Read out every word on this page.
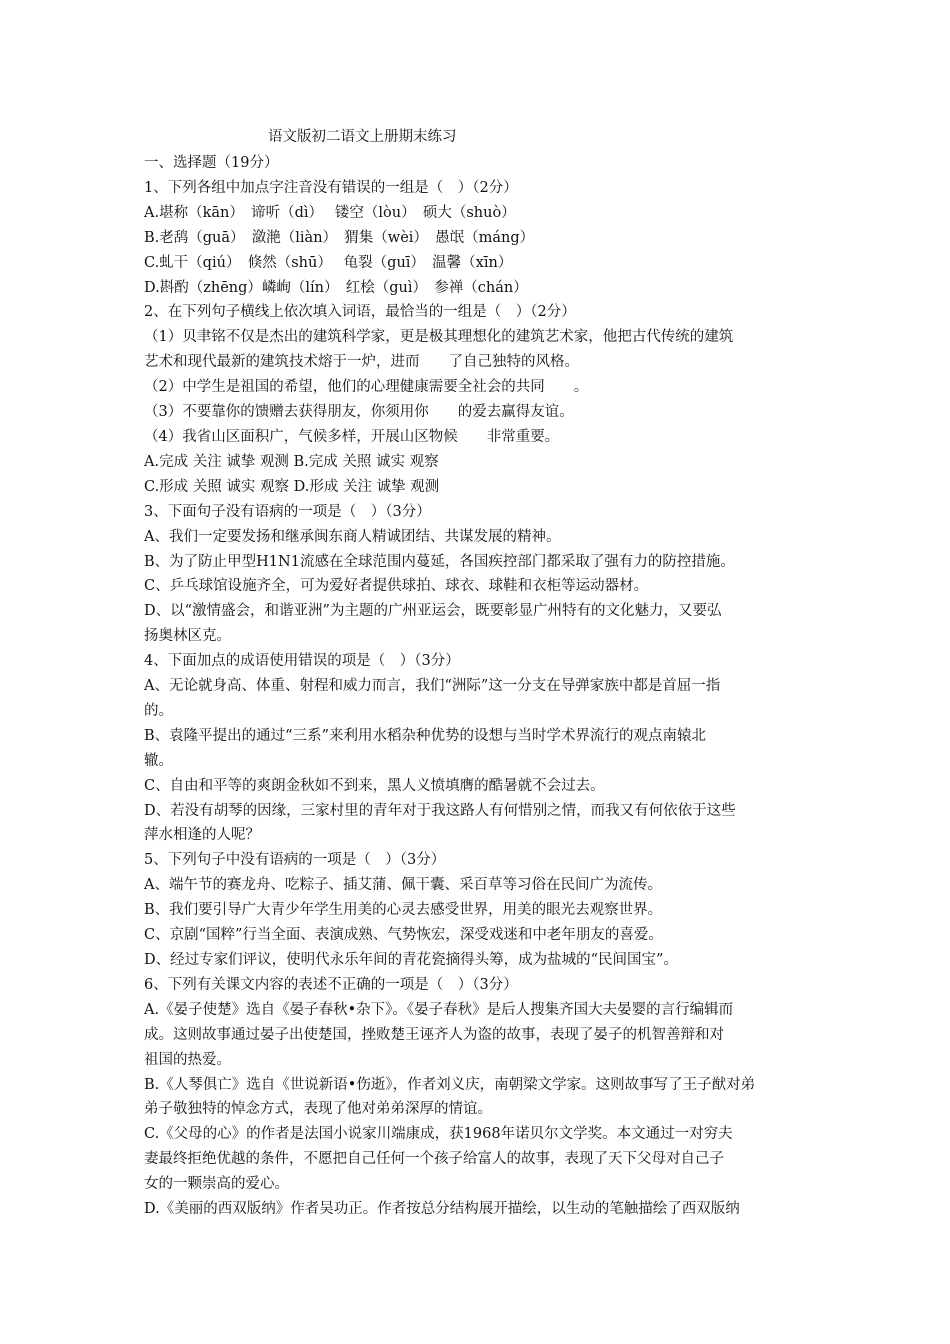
语文版初二语文上册期末练习
一、选择题（19分）
1、下列各组中加点字注音没有错误的一组是（　）（2分）
A.堪称（kān）　谛听（dì）　 镂空（lòu）　硕大（shuò）
B.老鸹（guā）　潋滟（liàn）　猬集（wèi）　愚氓（máng）
C.虬干（qiú）　倏然（shū）　 龟裂（guī）　温馨（xīn）
D.斟酌（zhēng）嶙峋（lín）　红桧（guì）　参禅（chán）
2、在下列句子横线上依次填入词语，最恰当的一组是（　）（2分）
（1）贝聿铭不仅是杰出的建筑科学家，更是极其理想化的建筑艺术家，他把古代传统的建筑
艺术和现代最新的建筑技术熔于一炉，进而　　了自己独特的风格。
（2）中学生是祖国的希望，他们的心理健康需要全社会的共同　　。
（3）不要靠你的馈赠去获得朋友，你须用你　　的爱去赢得友谊。
（4）我省山区面积广，气候多样，开展山区物候　　非常重要。
A.完成 关注 诚挚 观测 B.完成 关照 诚实 观察
C.形成 关照 诚实 观察 D.形成 关注 诚挚 观测
3、下面句子没有语病的一项是（　）（3分）
A、我们一定要发扬和继承闽东商人精诚团结、共谋发展的精神。
B、为了防止甲型H1N1流感在全球范围内蔓延，各国疾控部门都采取了强有力的防控措施。
C、乒乓球馆设施齐全，可为爱好者提供球拍、球衣、球鞋和衣柜等运动器材。
D、以“激情盛会，和谐亚洲”为主题的广州亚运会，既要彰显广州特有的文化魅力，又要弘
扬奥林区克。
4、下面加点的成语使用错误的项是（　）（3分）
A、无论就身高、体重、射程和威力而言，我们“洲际”这一分支在导弹家族中都是首屈一指
的。
B、袁隆平提出的通过“三系”来利用水稻杂种优势的设想与当时学术界流行的观点南辕北
辙。
C、自由和平等的爽朗金秋如不到来，黑人义愤填膺的酷暑就不会过去。
D、若没有胡琴的因缘，三家村里的青年对于我这路人有何惜别之情，而我又有何依依于这些
萍水相逢的人呢？
5、下列句子中没有语病的一项是（　）（3分）
A、端午节的赛龙舟、吃粽子、插艾蒲、佩干囊、采百草等习俗在民间广为流传。
B、我们要引导广大青少年学生用美的心灵去感受世界，用美的眼光去观察世界。
C、京剧“国粹”行当全面、表演成熟、气势恢宏，深受戏迷和中老年朋友的喜爱。
D、经过专家们评议，使明代永乐年间的青花瓷摘得头筹，成为盐城的“民间国宝”。
6、下列有关课文内容的表述不正确的一项是（　）（3分）
A.《晏子使楚》选自《晏子春秋•杂下》。《晏子春秋》是后人搜集齐国大夫晏婴的言行编辑而
成。这则故事通过晏子出使楚国，挫败楚王诬齐人为盗的故事，表现了晏子的机智善辩和对
祖国的热爱。
B.《人琴俱亡》选自《世说新语•伤逝》，作者刘义庆，南朝梁文学家。这则故事写了王子猷对弟
弟子敬独特的悼念方式，表现了他对弟弟深厚的情谊。
C.《父母的心》的作者是法国小说家川端康成，获1968年诺贝尔文学奖。本文通过一对穷夫
妻最终拒绝优越的条件，不愿把自己任何一个孩子给富人的故事，表现了天下父母对自己子
女的一颗崇高的爱心。
D.《美丽的西双版纳》作者吴功正。作者按总分结构展开描绘，以生动的笔触描绘了西双版纳
